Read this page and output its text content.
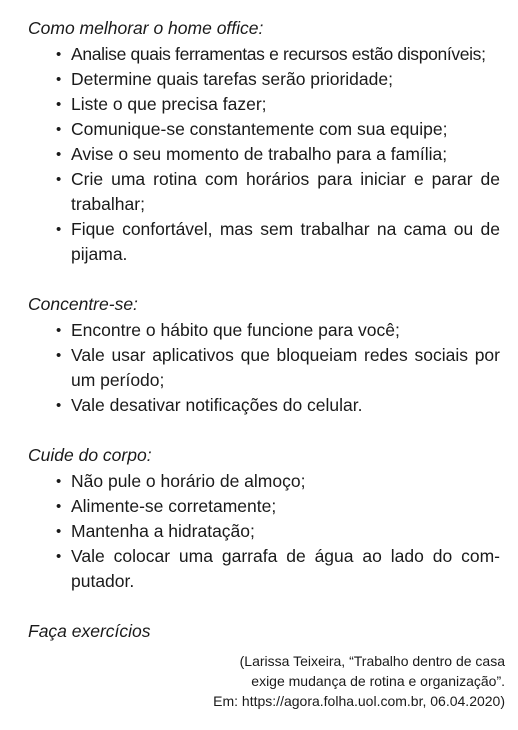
Como melhorar o home office:
• Analise quais ferramentas e recursos estão disponíveis;
• Determine quais tarefas serão prioridade;
• Liste o que precisa fazer;
• Comunique-se constantemente com sua equipe;
• Avise o seu momento de trabalho para a família;
• Crie uma rotina com horários para iniciar e parar de trabalhar;
• Fique confortável, mas sem trabalhar na cama ou de pijama.
Concentre-se:
• Encontre o hábito que funcione para você;
• Vale usar aplicativos que bloqueiam redes sociais por um período;
• Vale desativar notificações do celular.
Cuide do corpo:
• Não pule o horário de almoço;
• Alimente-se corretamente;
• Mantenha a hidratação;
• Vale colocar uma garrafa de água ao lado do com-putador.
Faça exercícios
(Larissa Teixeira, “Trabalho dentro de casa
exige mudança de rotina e organização”.
Em: https://agora.folha.uol.com.br, 06.04.2020)
